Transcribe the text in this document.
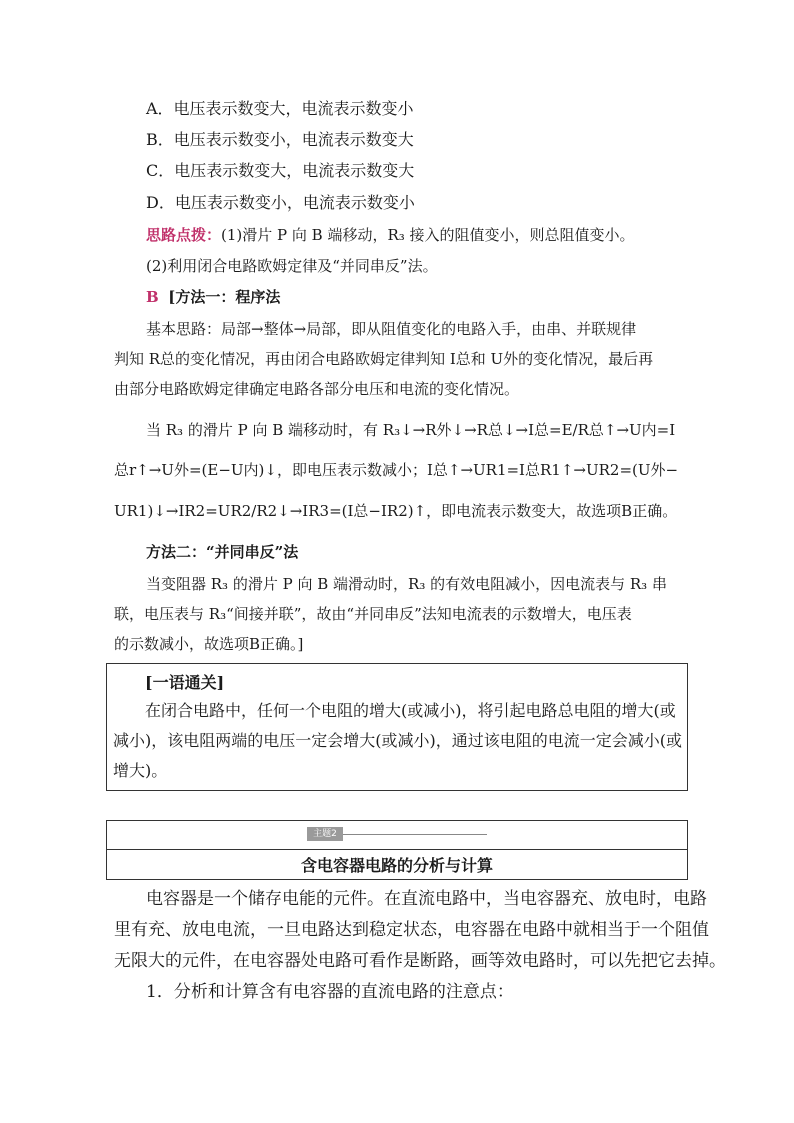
A．电压表示数变大，电流表示数变小
B．电压表示数变小，电流表示数变大
C．电压表示数变大，电流表示数变大
D．电压表示数变小，电流表示数变小
思路点拨：(1)滑片 P 向 B 端移动，R₃ 接入的阻值变小，则总阻值变小。
(2)利用闭合电路欧姆定律及“并同串反”法。
B [方法一：程序法
基本思路：局部→整体→局部，即从阻值变化的电路入手，由串、并联规律
判知 R总的变化情况，再由闭合电路欧姆定律判知 I总和 U外的变化情况，最后再
由部分电路欧姆定律确定电路各部分电压和电流的变化情况。
当 R₃ 的滑片 P 向 B 端移动时，有 R₃↓→R外↓→R总↓→I总=E/R总↑→U内=I
总r↑→U外=(E−U内)↓，即电压表示数减小；I总↑→UR1=I总R1↑→UR2=(U外−
UR1)↓→IR2=UR2/R2↓→IR3=(I总−IR2)↑，即电流表示数变大，故选项B正确。
方法二：“并同串反”法
当变阻器 R₃ 的滑片 P 向 B 端滑动时，R₃ 的有效电阻减小，因电流表与 R₃ 串
联，电压表与 R₃“间接并联”，故由“并同串反”法知电流表的示数增大，电压表
的示数减小，故选项B正确。]
[一语通关]
在闭合电路中，任何一个电阻的增大(或减小)，将引起电路总电阻的增大(或
减小)，该电阻两端的电压一定会增大(或减小)，通过该电阻的电流一定会减小(或
增大)。
主题2
含电容器电路的分析与计算
电容器是一个储存电能的元件。在直流电路中，当电容器充、放电时，电路
里有充、放电电流，一旦电路达到稳定状态，电容器在电路中就相当于一个阻值
无限大的元件，在电容器处电路可看作是断路，画等效电路时，可以先把它去掉。
1．分析和计算含有电容器的直流电路的注意点：
